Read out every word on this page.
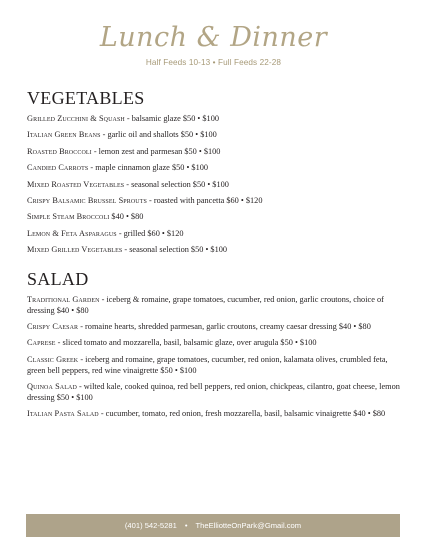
Lunch & Dinner
Half Feeds 10-13 • Full Feeds 22-28
VEGETABLES
Grilled Zucchini & Squash - balsamic glaze $50 • $100
Italian Green Beans - garlic oil and shallots $50 • $100
Roasted Broccoli - lemon zest and parmesan $50 • $100
Candied Carrots - maple cinnamon glaze $50 • $100
Mixed Roasted Vegetables - seasonal selection $50 • $100
Crispy Balsamic Brussel Sprouts - roasted with pancetta $60 • $120
Simple Steam Broccoli $40 • $80
Lemon & Feta Asparagus - grilled $60 • $120
Mixed Grilled Vegetables - seasonal selection $50 • $100
SALAD
Traditional Garden - iceberg & romaine, grape tomatoes, cucumber, red onion, garlic croutons, choice of dressing $40 • $80
Crispy Caesar - romaine hearts, shredded parmesan, garlic croutons, creamy caesar dressing $40 • $80
Caprese - sliced tomato and mozzarella, basil, balsamic glaze, over arugula $50 • $100
Classic Greek - iceberg and romaine, grape tomatoes, cucumber, red onion, kalamata olives, crumbled feta, green bell peppers, red wine vinaigrette $50 • $100
Quinoa Salad - wilted kale, cooked quinoa, red bell peppers, red onion, chickpeas, cilantro, goat cheese, lemon dressing $50 • $100
Italian Pasta Salad - cucumber, tomato, red onion, fresh mozzarella, basil, balsamic vinaigrette $40 • $80
(401) 542-5281 • TheElliotteOnPark@Gmail.com
